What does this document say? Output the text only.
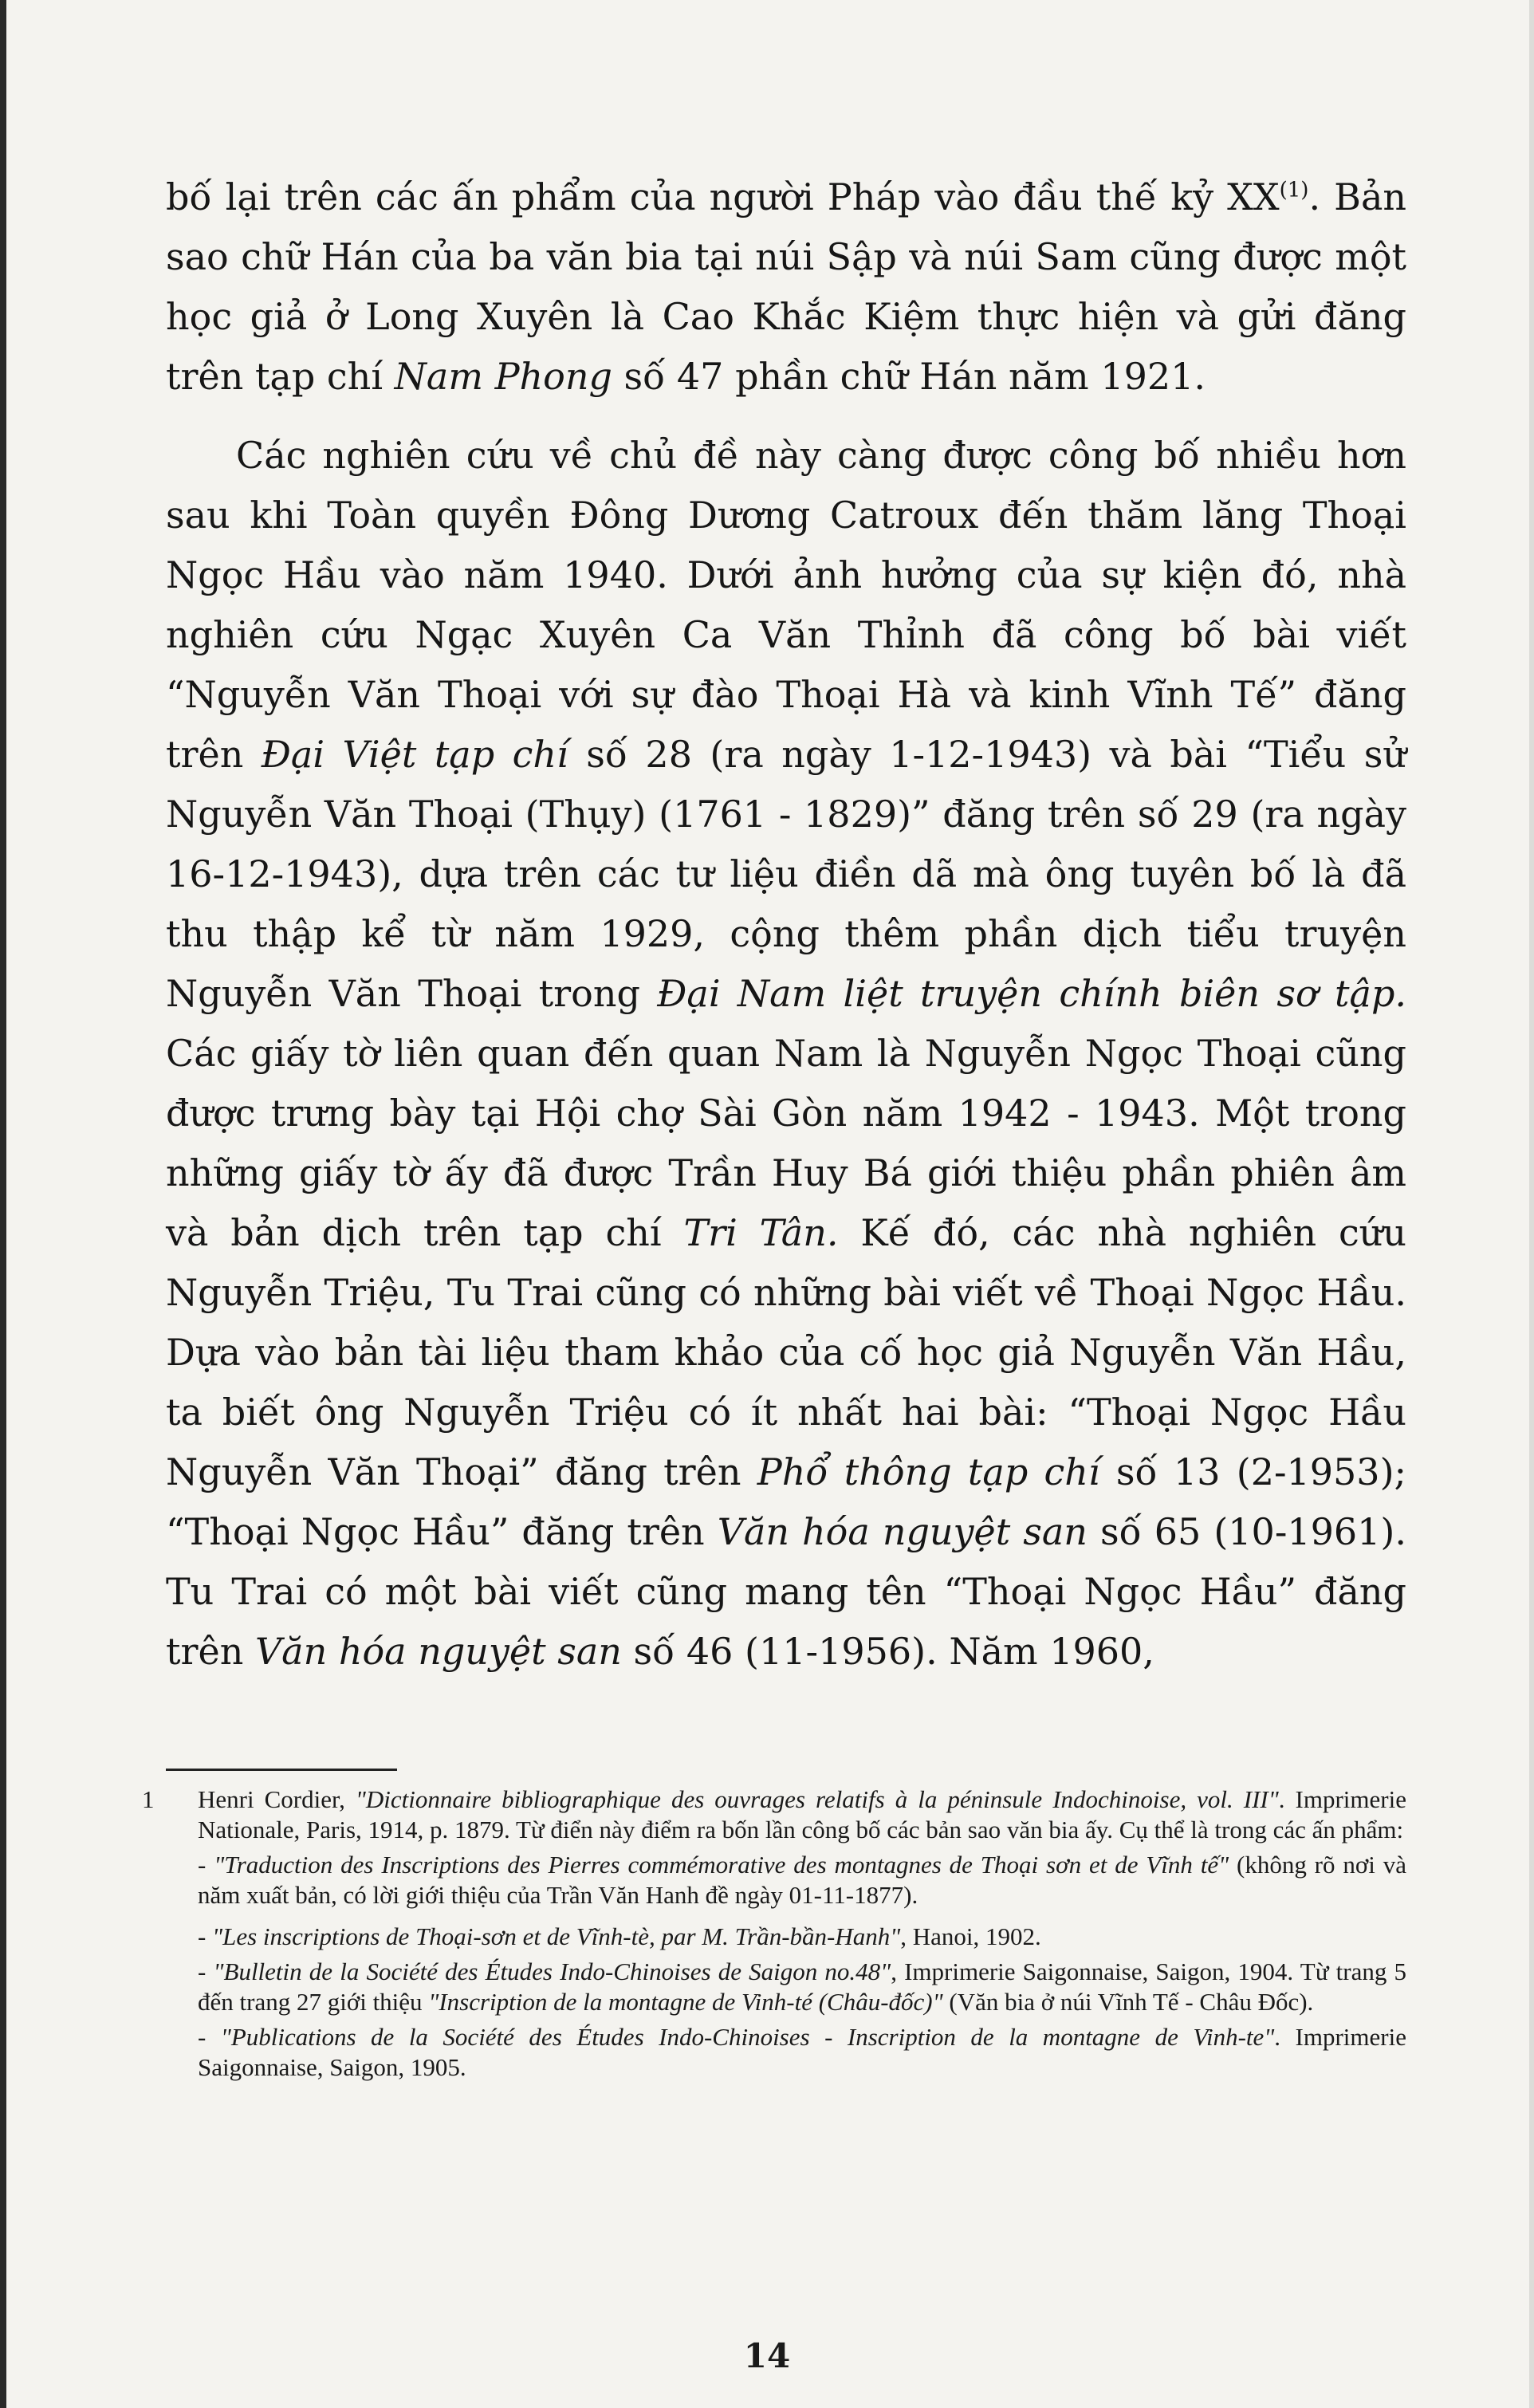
bố lại trên các ấn phẩm của người Pháp vào đầu thế kỷ XX$^{(1)}$. Bản sao chữ Hán của ba văn bia tại núi Sập và núi Sam cũng được một học giả ở Long Xuyên là Cao Khắc Kiệm thực hiện và gửi đăng trên tạp chí Nam Phong số 47 phần chữ Hán năm 1921.

Các nghiên cứu về chủ đề này càng được công bố nhiều hơn sau khi Toàn quyền Đông Dương Catroux đến thăm lăng Thoại Ngọc Hầu vào năm 1940. Dưới ảnh hưởng của sự kiện đó, nhà nghiên cứu Ngạc Xuyên Ca Văn Thỉnh đã công bố bài viết “Nguyễn Văn Thoại với sự đào Thoại Hà và kinh Vĩnh Tế” đăng trên Đại Việt tạp chí số 28 (ra ngày 1-12-1943) và bài “Tiểu sử Nguyễn Văn Thoại (Thụy) (1761 - 1829)” đăng trên số 29 (ra ngày 16-12-1943), dựa trên các tư liệu điền dã mà ông tuyên bố là đã thu thập kể từ năm 1929, cộng thêm phần dịch tiểu truyện Nguyễn Văn Thoại trong Đại Nam liệt truyện chính biên sơ tập. Các giấy tờ liên quan đến quan Nam là Nguyễn Ngọc Thoại cũng được trưng bày tại Hội chợ Sài Gòn năm 1942 - 1943. Một trong những giấy tờ ấy đã được Trần Huy Bá giới thiệu phần phiên âm và bản dịch trên tạp chí Tri Tân. Kế đó, các nhà nghiên cứu Nguyễn Triệu, Tu Trai cũng có những bài viết về Thoại Ngọc Hầu. Dựa vào bản tài liệu tham khảo của cố học giả Nguyễn Văn Hầu, ta biết ông Nguyễn Triệu có ít nhất hai bài: “Thoại Ngọc Hầu Nguyễn Văn Thoại” đăng trên Phổ thông tạp chí số 13 (2-1953); “Thoại Ngọc Hầu” đăng trên Văn hóa nguyệt san số 65 (10-1961). Tu Trai có một bài viết cũng mang tên “Thoại Ngọc Hầu” đăng trên Văn hóa nguyệt san số 46 (11-1956). Năm 1960,

1	Henri Cordier, "Dictionnaire bibliographique des ouvrages relatifs à la péninsule Indochinoise, vol. III". Imprimerie Nationale, Paris, 1914, p. 1879. Từ điển này điểm ra bốn lần công bố các bản sao văn bia ấy. Cụ thể là trong các ấn phẩm:

- "Traduction des Inscriptions des Pierres commémorative des montagnes de Thoại sơn et de Vĩnh tế" (không rõ nơi và năm xuất bản, có lời giới thiệu của Trần Văn Hanh đề ngày 01-11-1877).

- "Les inscriptions de Thoại-sơn et de Vĩnh-tè, par M. Trần-bần-Hanh", Hanoi, 1902.

- "Bulletin de la Société des Études Indo-Chinoises de Saigon no.48", Imprimerie Saigonnaise, Saigon, 1904. Từ trang 5 đến trang 27 giới thiệu "Inscription de la montagne de Vinh-té (Châu-đốc)" (Văn bia ở núi Vĩnh Tế - Châu Đốc).

- "Publications de la Société des Études Indo-Chinoises - Inscription de la montagne de Vinh-te". Imprimerie Saigonnaise, Saigon, 1905.

14
